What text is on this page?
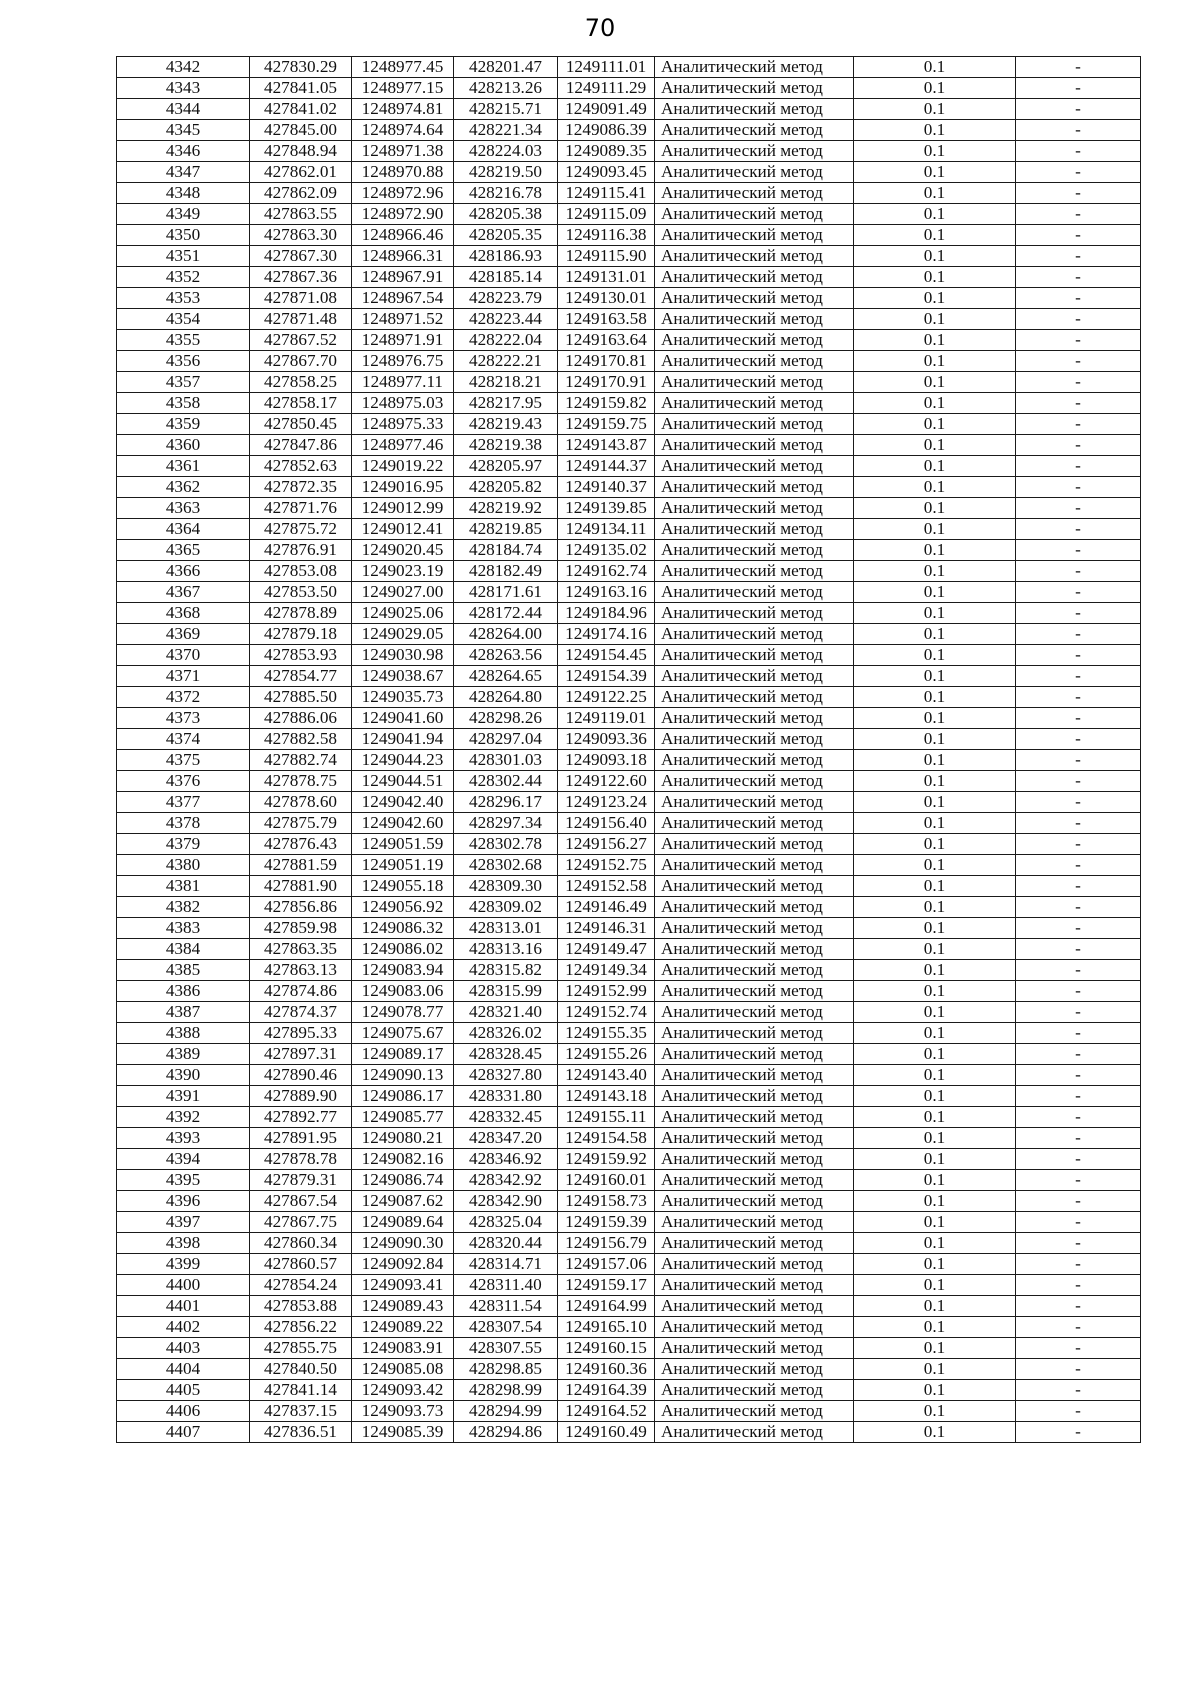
70
4342	427830.29	1248977.45	428201.47	1249111.01	Аналитический метод	0.1	-
4343	427841.05	1248977.15	428213.26	1249111.29	Аналитический метод	0.1	-
4344	427841.02	1248974.81	428215.71	1249091.49	Аналитический метод	0.1	-
4345	427845.00	1248974.64	428221.34	1249086.39	Аналитический метод	0.1	-
4346	427848.94	1248971.38	428224.03	1249089.35	Аналитический метод	0.1	-
4347	427862.01	1248970.88	428219.50	1249093.45	Аналитический метод	0.1	-
4348	427862.09	1248972.96	428216.78	1249115.41	Аналитический метод	0.1	-
4349	427863.55	1248972.90	428205.38	1249115.09	Аналитический метод	0.1	-
4350	427863.30	1248966.46	428205.35	1249116.38	Аналитический метод	0.1	-
4351	427867.30	1248966.31	428186.93	1249115.90	Аналитический метод	0.1	-
4352	427867.36	1248967.91	428185.14	1249131.01	Аналитический метод	0.1	-
4353	427871.08	1248967.54	428223.79	1249130.01	Аналитический метод	0.1	-
4354	427871.48	1248971.52	428223.44	1249163.58	Аналитический метод	0.1	-
4355	427867.52	1248971.91	428222.04	1249163.64	Аналитический метод	0.1	-
4356	427867.70	1248976.75	428222.21	1249170.81	Аналитический метод	0.1	-
4357	427858.25	1248977.11	428218.21	1249170.91	Аналитический метод	0.1	-
4358	427858.17	1248975.03	428217.95	1249159.82	Аналитический метод	0.1	-
4359	427850.45	1248975.33	428219.43	1249159.75	Аналитический метод	0.1	-
4360	427847.86	1248977.46	428219.38	1249143.87	Аналитический метод	0.1	-
4361	427852.63	1249019.22	428205.97	1249144.37	Аналитический метод	0.1	-
4362	427872.35	1249016.95	428205.82	1249140.37	Аналитический метод	0.1	-
4363	427871.76	1249012.99	428219.92	1249139.85	Аналитический метод	0.1	-
4364	427875.72	1249012.41	428219.85	1249134.11	Аналитический метод	0.1	-
4365	427876.91	1249020.45	428184.74	1249135.02	Аналитический метод	0.1	-
4366	427853.08	1249023.19	428182.49	1249162.74	Аналитический метод	0.1	-
4367	427853.50	1249027.00	428171.61	1249163.16	Аналитический метод	0.1	-
4368	427878.89	1249025.06	428172.44	1249184.96	Аналитический метод	0.1	-
4369	427879.18	1249029.05	428264.00	1249174.16	Аналитический метод	0.1	-
4370	427853.93	1249030.98	428263.56	1249154.45	Аналитический метод	0.1	-
4371	427854.77	1249038.67	428264.65	1249154.39	Аналитический метод	0.1	-
4372	427885.50	1249035.73	428264.80	1249122.25	Аналитический метод	0.1	-
4373	427886.06	1249041.60	428298.26	1249119.01	Аналитический метод	0.1	-
4374	427882.58	1249041.94	428297.04	1249093.36	Аналитический метод	0.1	-
4375	427882.74	1249044.23	428301.03	1249093.18	Аналитический метод	0.1	-
4376	427878.75	1249044.51	428302.44	1249122.60	Аналитический метод	0.1	-
4377	427878.60	1249042.40	428296.17	1249123.24	Аналитический метод	0.1	-
4378	427875.79	1249042.60	428297.34	1249156.40	Аналитический метод	0.1	-
4379	427876.43	1249051.59	428302.78	1249156.27	Аналитический метод	0.1	-
4380	427881.59	1249051.19	428302.68	1249152.75	Аналитический метод	0.1	-
4381	427881.90	1249055.18	428309.30	1249152.58	Аналитический метод	0.1	-
4382	427856.86	1249056.92	428309.02	1249146.49	Аналитический метод	0.1	-
4383	427859.98	1249086.32	428313.01	1249146.31	Аналитический метод	0.1	-
4384	427863.35	1249086.02	428313.16	1249149.47	Аналитический метод	0.1	-
4385	427863.13	1249083.94	428315.82	1249149.34	Аналитический метод	0.1	-
4386	427874.86	1249083.06	428315.99	1249152.99	Аналитический метод	0.1	-
4387	427874.37	1249078.77	428321.40	1249152.74	Аналитический метод	0.1	-
4388	427895.33	1249075.67	428326.02	1249155.35	Аналитический метод	0.1	-
4389	427897.31	1249089.17	428328.45	1249155.26	Аналитический метод	0.1	-
4390	427890.46	1249090.13	428327.80	1249143.40	Аналитический метод	0.1	-
4391	427889.90	1249086.17	428331.80	1249143.18	Аналитический метод	0.1	-
4392	427892.77	1249085.77	428332.45	1249155.11	Аналитический метод	0.1	-
4393	427891.95	1249080.21	428347.20	1249154.58	Аналитический метод	0.1	-
4394	427878.78	1249082.16	428346.92	1249159.92	Аналитический метод	0.1	-
4395	427879.31	1249086.74	428342.92	1249160.01	Аналитический метод	0.1	-
4396	427867.54	1249087.62	428342.90	1249158.73	Аналитический метод	0.1	-
4397	427867.75	1249089.64	428325.04	1249159.39	Аналитический метод	0.1	-
4398	427860.34	1249090.30	428320.44	1249156.79	Аналитический метод	0.1	-
4399	427860.57	1249092.84	428314.71	1249157.06	Аналитический метод	0.1	-
4400	427854.24	1249093.41	428311.40	1249159.17	Аналитический метод	0.1	-
4401	427853.88	1249089.43	428311.54	1249164.99	Аналитический метод	0.1	-
4402	427856.22	1249089.22	428307.54	1249165.10	Аналитический метод	0.1	-
4403	427855.75	1249083.91	428307.55	1249160.15	Аналитический метод	0.1	-
4404	427840.50	1249085.08	428298.85	1249160.36	Аналитический метод	0.1	-
4405	427841.14	1249093.42	428298.99	1249164.39	Аналитический метод	0.1	-
4406	427837.15	1249093.73	428294.99	1249164.52	Аналитический метод	0.1	-
4407	427836.51	1249085.39	428294.86	1249160.49	Аналитический метод	0.1	-
